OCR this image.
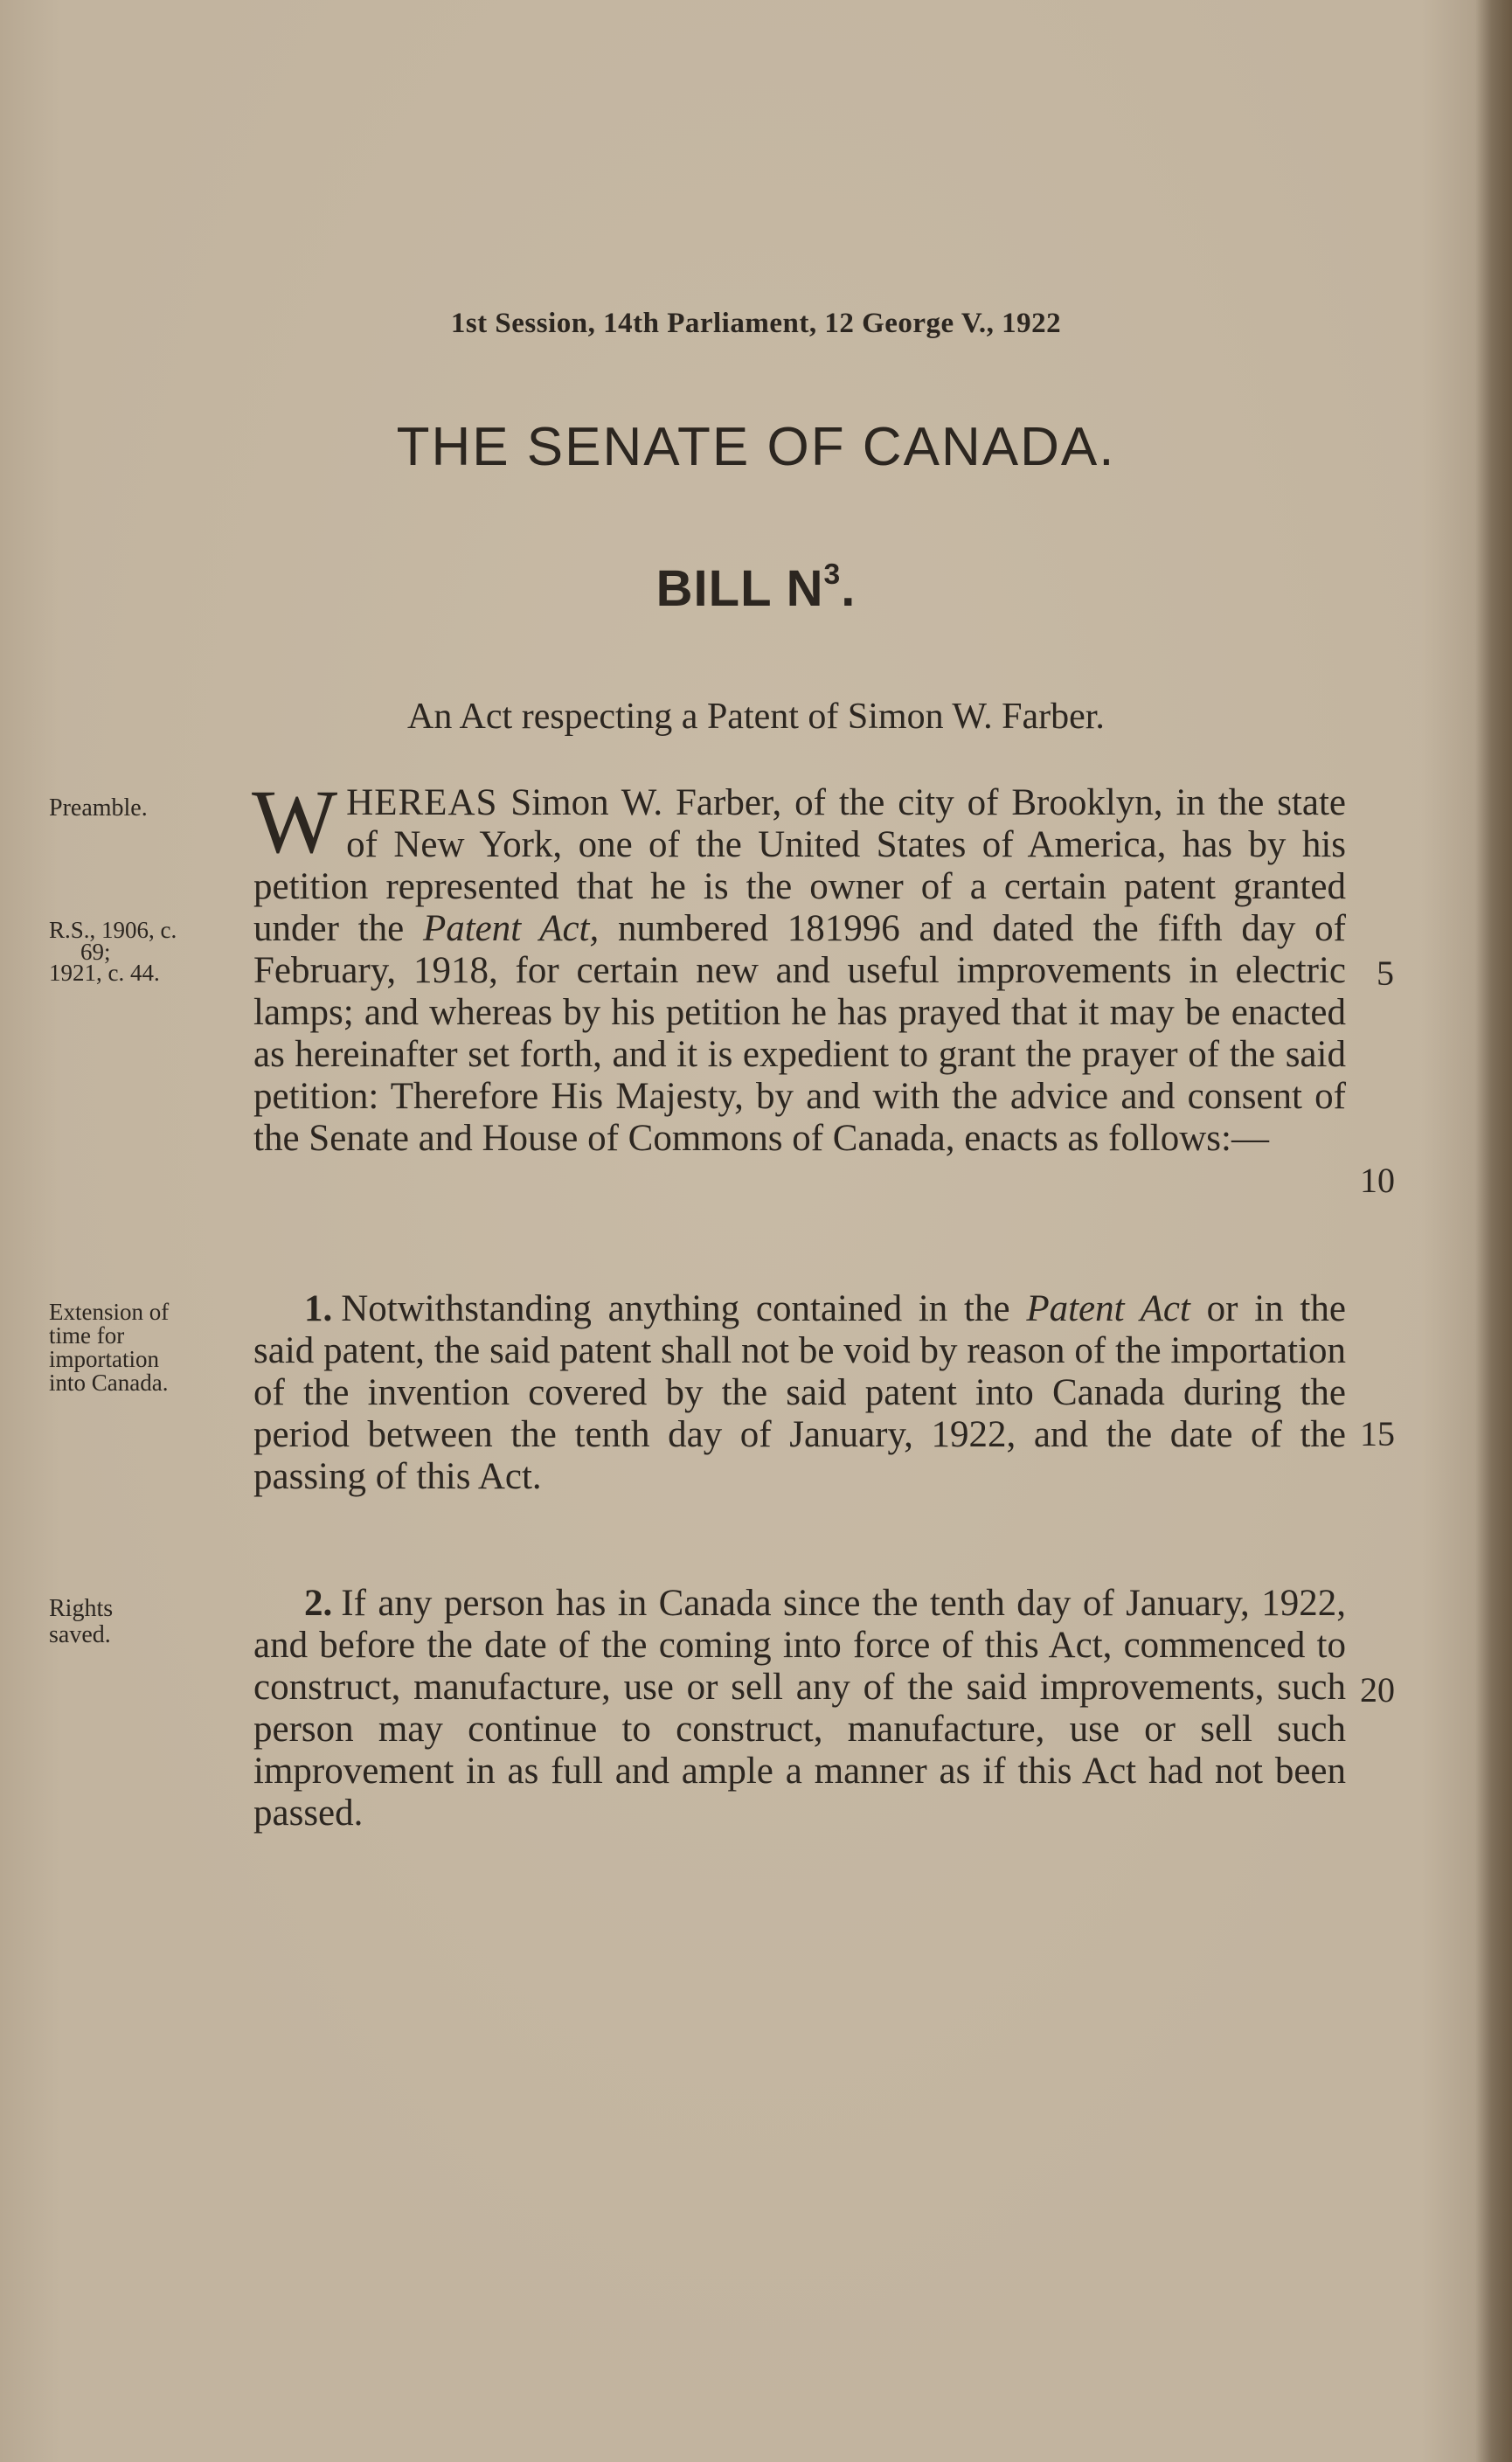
1st Session, 14th Parliament, 12 George V., 1922
THE SENATE OF CANADA.
BILL $N^3$.
An Act respecting a Patent of Simon W. Farber.
Preamble.
R.S., 1906, c.
69;
1921, c. 44.
Extension of
time for
importation
into Canada.
Rights
saved.

WHEREAS Simon W. Farber, of the city of Brooklyn, in the state of New York, one of the United States of America, has by his petition represented that he is the owner of a certain patent granted under the Patent Act, numbered 181996 and dated the fifth day of February, 1918, for certain new and useful improvements in electric lamps; and whereas by his petition he has prayed that it may be enacted as hereinafter set forth, and it is expedient to grant the prayer of the said petition: Therefore His Majesty, by and with the advice and consent of the Senate and House of Commons of Canada, enacts as follows:—

1. Notwithstanding anything contained in the Patent Act or in the said patent, the said patent shall not be void by reason of the importation of the invention covered by the said patent into Canada during the period between the tenth day of January, 1922, and the date of the passing of this Act.

2. If any person has in Canada since the tenth day of January, 1922, and before the date of the coming into force of this Act, commenced to construct, manufacture, use or sell any of the said improvements, such person may continue to construct, manufacture, use or sell such improvement in as full and ample a manner as if this Act had not been passed.

5
10
15
20
